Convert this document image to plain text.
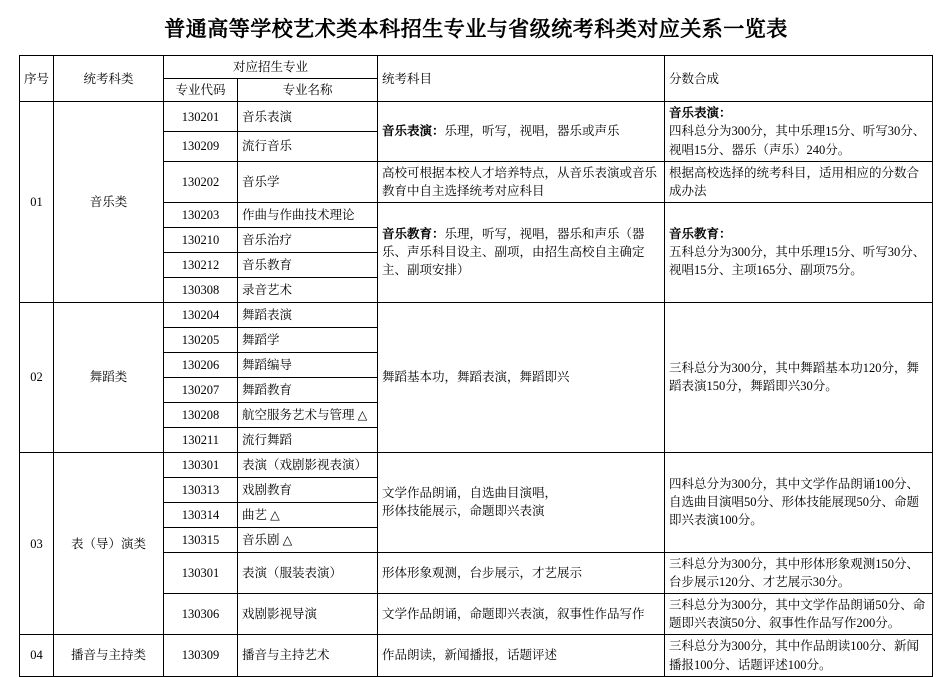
普通高等学校艺术类本科招生专业与省级统考科类对应关系一览表
序号	统考科类	对应招生专业		统考科目	分数合成
		专业代码	专业名称		
01	音乐类	130201	音乐表演	音乐表演：乐理，听写，视唱，器乐或声乐	音乐表演：
四科总分为300分，其中乐理15分、听写30分、视唱15分、器乐（声乐）240分。

		130209	流行音乐		
		130202	音乐学	高校可根据本校人才培养特点，从音乐表演或音乐教育中自主选择统考对应科目	根据高校选择的统考科目，适用相应的分数合成办法

		130203	作曲与作曲技术理论	音乐教育：乐理，听写，视唱，器乐和声乐（器乐、声乐科目设主、副项，由招生高校自主确定主、副项安排）	音乐教育：
五科总分为300分，其中乐理15分、听写30分、视唱15分、主项165分、副项75分。

		130210	音乐治疗		
		130212	音乐教育		
		130308	录音艺术		
02	舞蹈类	130204	舞蹈表演	舞蹈基本功，舞蹈表演，舞蹈即兴	三科总分为300分，其中舞蹈基本功120分，舞蹈表演150分，舞蹈即兴30分。

		130205	舞蹈学		
		130206	舞蹈编导		
		130207	舞蹈教育		
		130208	航空服务艺术与管理 △		
		130211	流行舞蹈		
03	表（导）演类	130301	表演（戏剧影视表演）	文学作品朗诵，自选曲目演唱，
形体技能展示，命题即兴表演	四科总分为300分，其中文学作品朗诵100分、自选曲目演唱50分、形体技能展现50分、命题即兴表演100分。

		130313	戏剧教育		
		130314	曲艺 △		
		130315	音乐剧 △		
		130301	表演（服装表演）	形体形象观测，台步展示，才艺展示	三科总分为300分，其中形体形象观测150分、台步展示120分、才艺展示30分。

		130306	戏剧影视导演	文学作品朗诵，命题即兴表演，叙事性作品写作	三科总分为300分，其中文学作品朗诵50分、命题即兴表演50分、叙事性作品写作200分。

04	播音与主持类	130309	播音与主持艺术	作品朗读，新闻播报，话题评述	三科总分为300分，其中作品朗读100分、新闻播报100分、话题评述100分。
